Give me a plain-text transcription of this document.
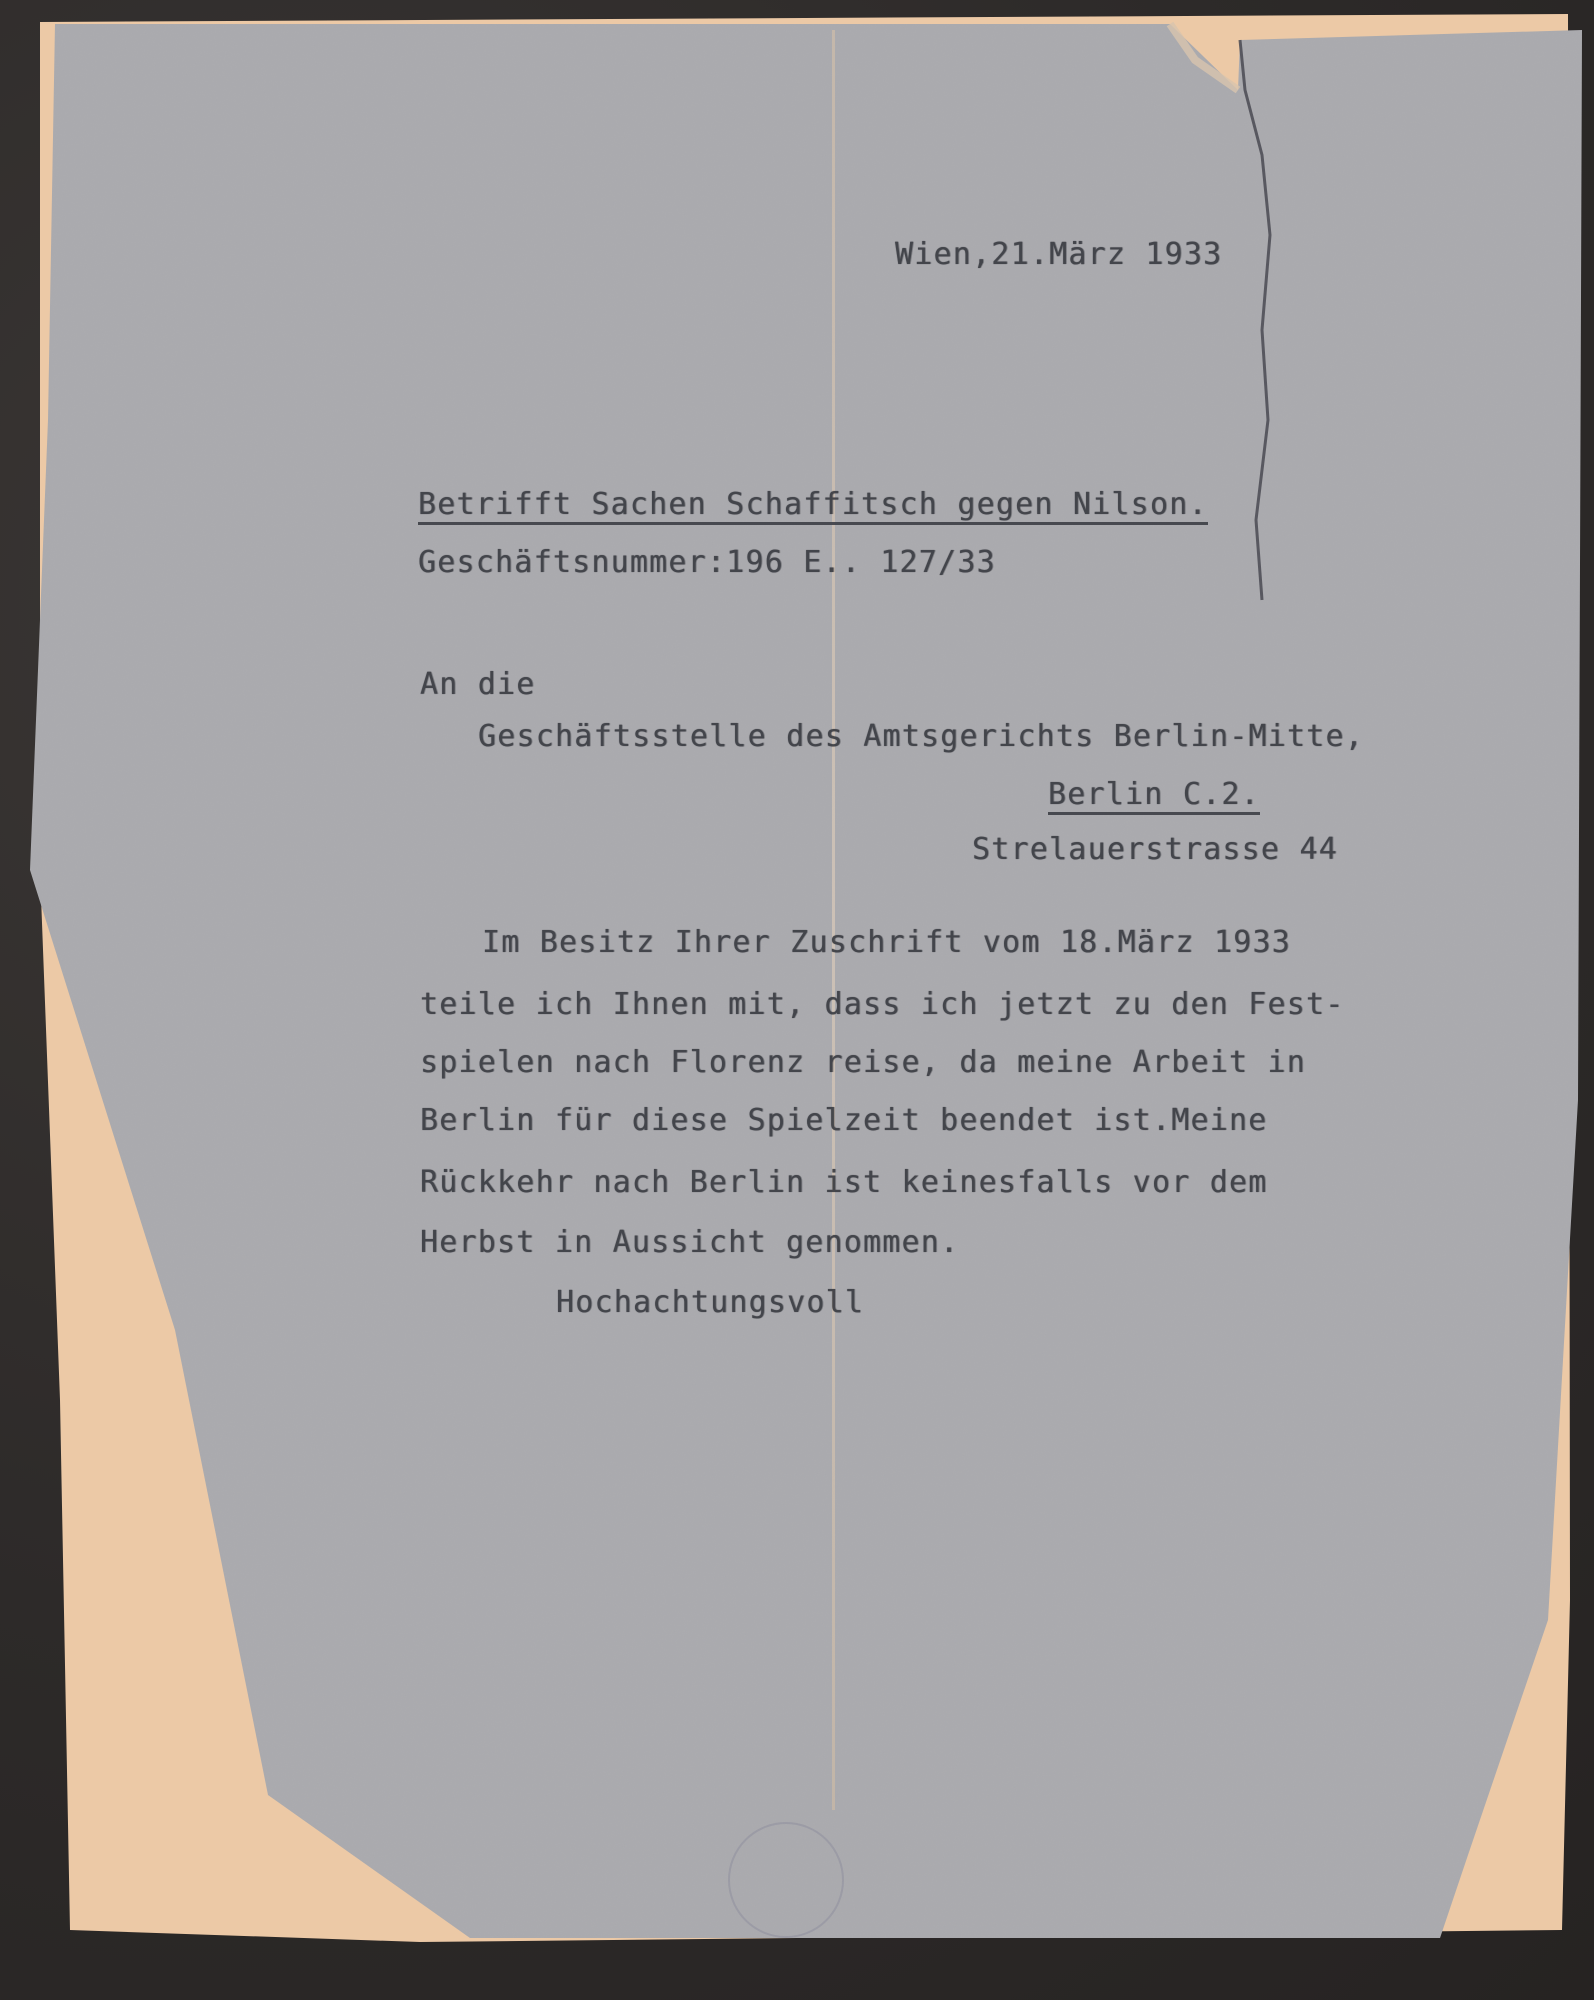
Wien,21.März 1933
Betrifft Sachen Schaffitsch gegen Nilson.
Geschäftsnummer:196 E.. 127/33
An die
Geschäftsstelle des Amtsgerichts Berlin-Mitte,
Berlin C.2.
Strelauerstrasse 44
Im Besitz Ihrer Zuschrift vom 18.März 1933
teile ich Ihnen mit, dass ich jetzt zu den Fest-
spielen nach Florenz reise, da meine Arbeit in
Berlin für diese Spielzeit beendet ist.Meine
Rückkehr nach Berlin ist keinesfalls vor dem
Herbst in Aussicht genommen.
Hochachtungsvoll
